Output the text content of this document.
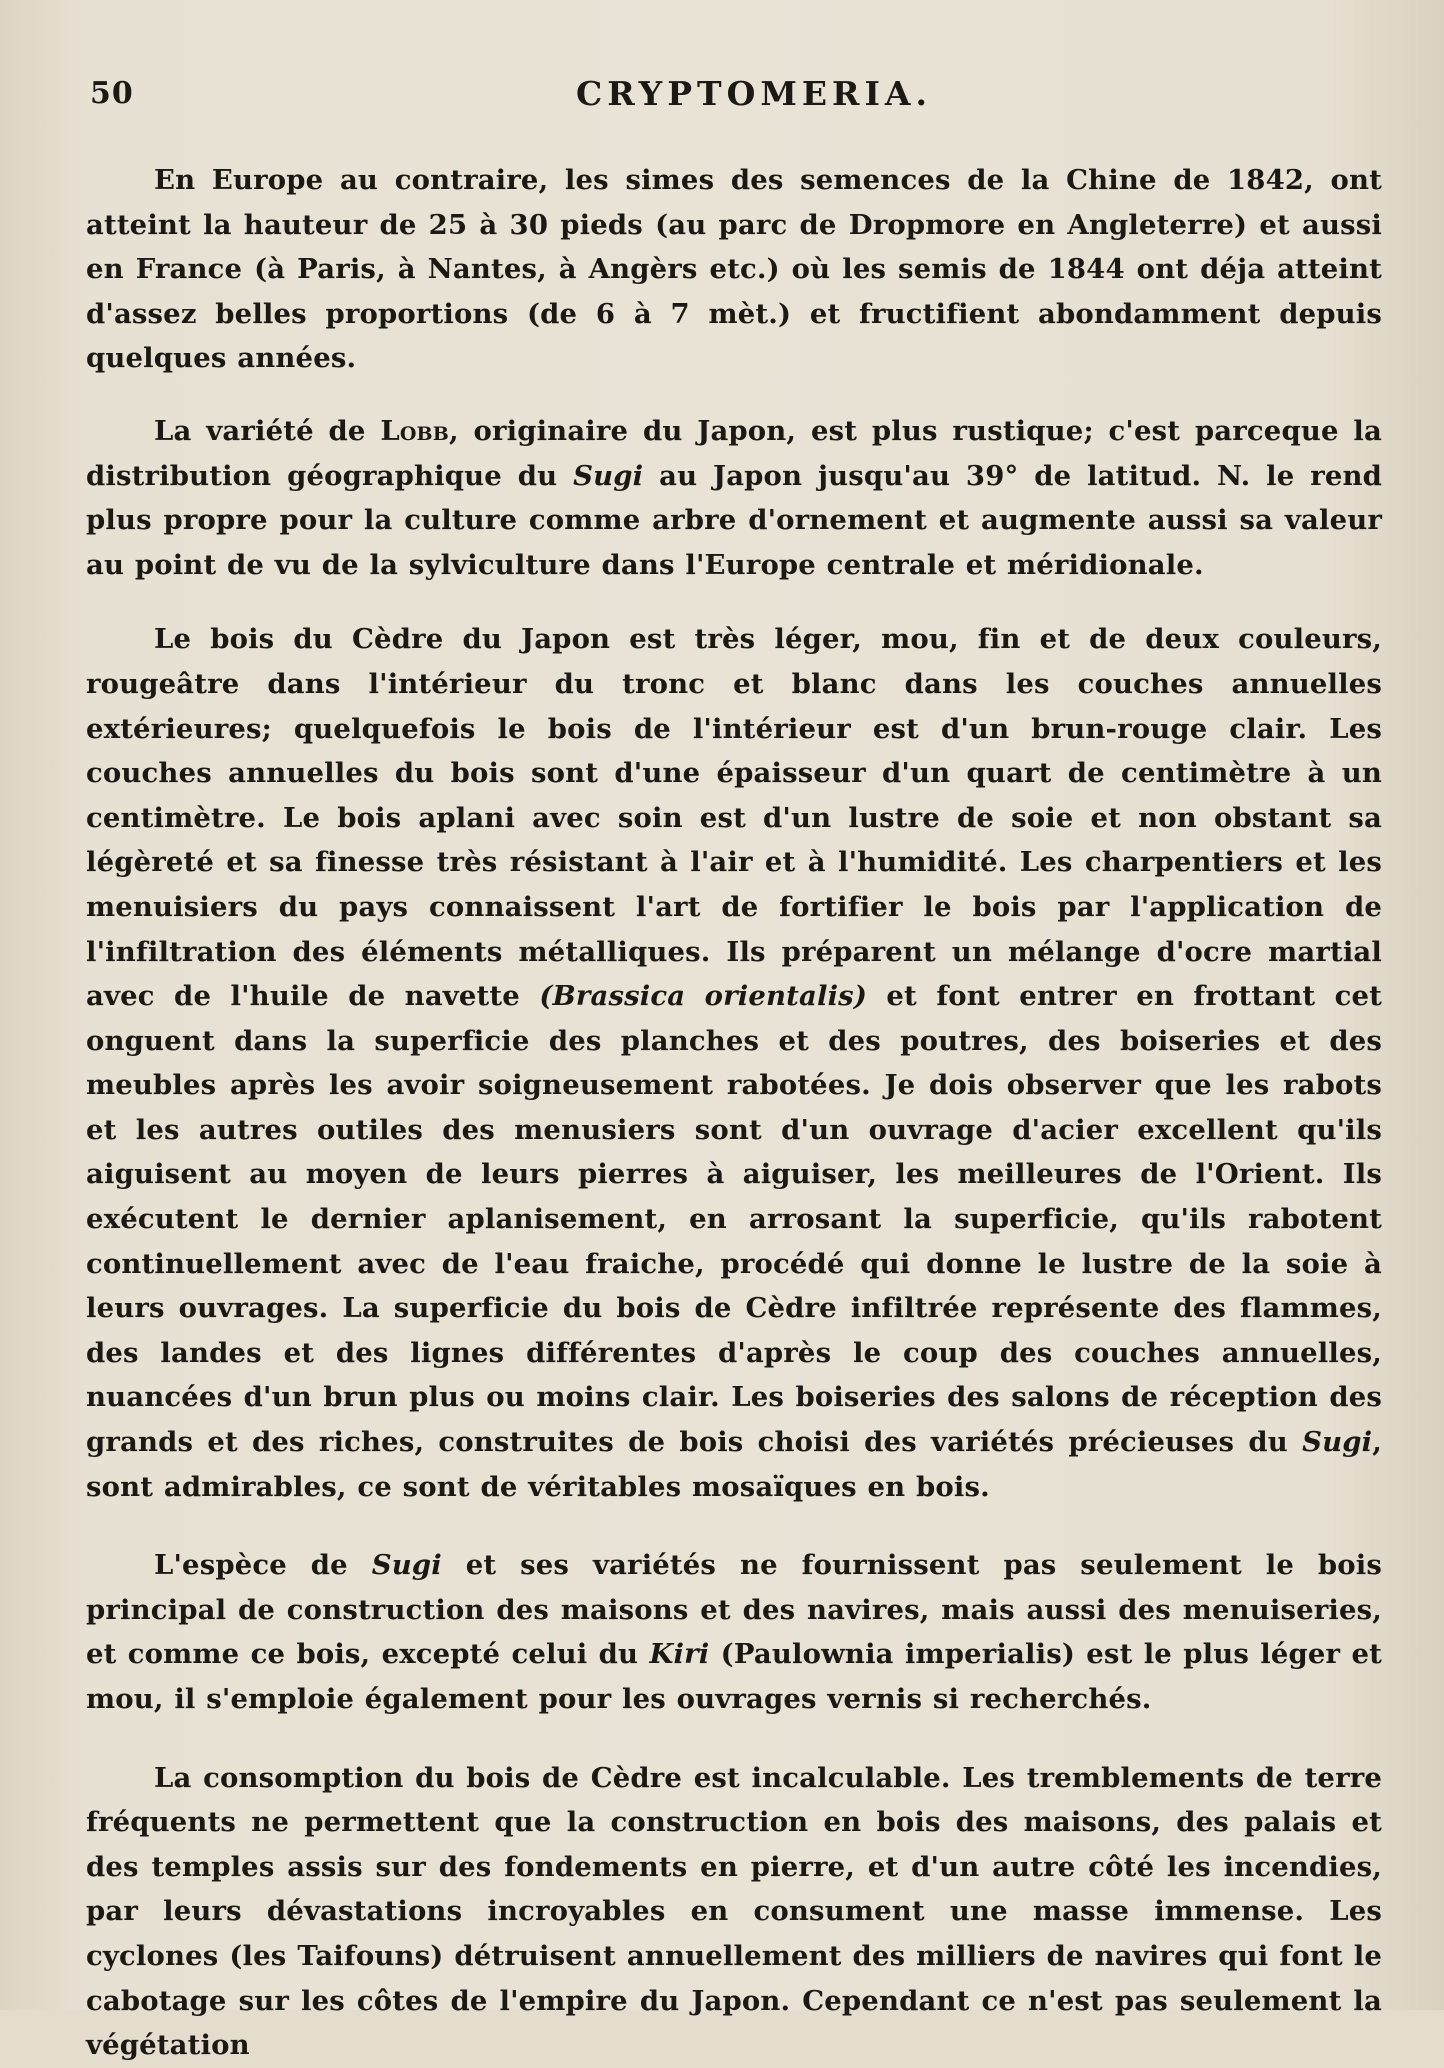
50	CRYPTOMERIA.

En Europe au contraire, les simes des semences de la Chine de 1842, ont atteint la hauteur de 25 à 30 pieds (au parc de Dropmore en Angleterre) et aussi en France (à Paris, à Nantes, à Angèrs etc.) où les semis de 1844 ont déja atteint d'assez belles proportions (de 6 à 7 mèt.) et fructifient abondamment depuis quelques années.

La variété de Lobb, originaire du Japon, est plus rustique; c'est parceque la distribution géographique du Sugi au Japon jusqu'au 39° de latitud. N. le rend plus propre pour la culture comme arbre d'ornement et augmente aussi sa valeur au point de vu de la sylviculture dans l'Europe centrale et méridionale.

Le bois du Cèdre du Japon est très léger, mou, fin et de deux couleurs, rougeâtre dans l'intérieur du tronc et blanc dans les couches annuelles extérieures; quelquefois le bois de l'intérieur est d'un brun-rouge clair. Les couches annuelles du bois sont d'une épaisseur d'un quart de centimètre à un centimètre. Le bois aplani avec soin est d'un lustre de soie et non obstant sa légèreté et sa finesse très résistant à l'air et à l'humidité. Les charpentiers et les menuisiers du pays connaissent l'art de fortifier le bois par l'application de l'infiltration des éléments métalliques. Ils préparent un mélange d'ocre martial avec de l'huile de navette (Brassica orientalis) et font entrer en frottant cet onguent dans la superficie des planches et des poutres, des boiseries et des meubles après les avoir soigneusement rabotées. Je dois observer que les rabots et les autres outiles des menusiers sont d'un ouvrage d'acier excellent qu'ils aiguisent au moyen de leurs pierres à aiguiser, les meilleures de l'Orient. Ils exécutent le dernier aplanisement, en arrosant la superficie, qu'ils rabotent continuellement avec de l'eau fraiche, procédé qui donne le lustre de la soie à leurs ouvrages. La superficie du bois de Cèdre infiltrée représente des flammes, des landes et des lignes différentes d'après le coup des couches annuelles, nuancées d'un brun plus ou moins clair. Les boiseries des salons de réception des grands et des riches, construites de bois choisi des variétés précieuses du Sugi, sont admirables, ce sont de véritables mosaïques en bois.

L'espèce de Sugi et ses variétés ne fournissent pas seulement le bois principal de construction des maisons et des navires, mais aussi des menuiseries, et comme ce bois, excepté celui du Kiri (Paulownia imperialis) est le plus léger et mou, il s'emploie également pour les ouvrages vernis si recherchés.

La consomption du bois de Cèdre est incalculable. Les tremblements de terre fréquents ne permettent que la construction en bois des maisons, des palais et des temples assis sur des fondements en pierre, et d'un autre côté les incendies, par leurs dévastations incroyables en consument une masse immense. Les cyclones (les Taifouns) détruisent annuellement des milliers de navires qui font le cabotage sur les côtes de l'empire du Japon. Cependant ce n'est pas seulement la végétation
